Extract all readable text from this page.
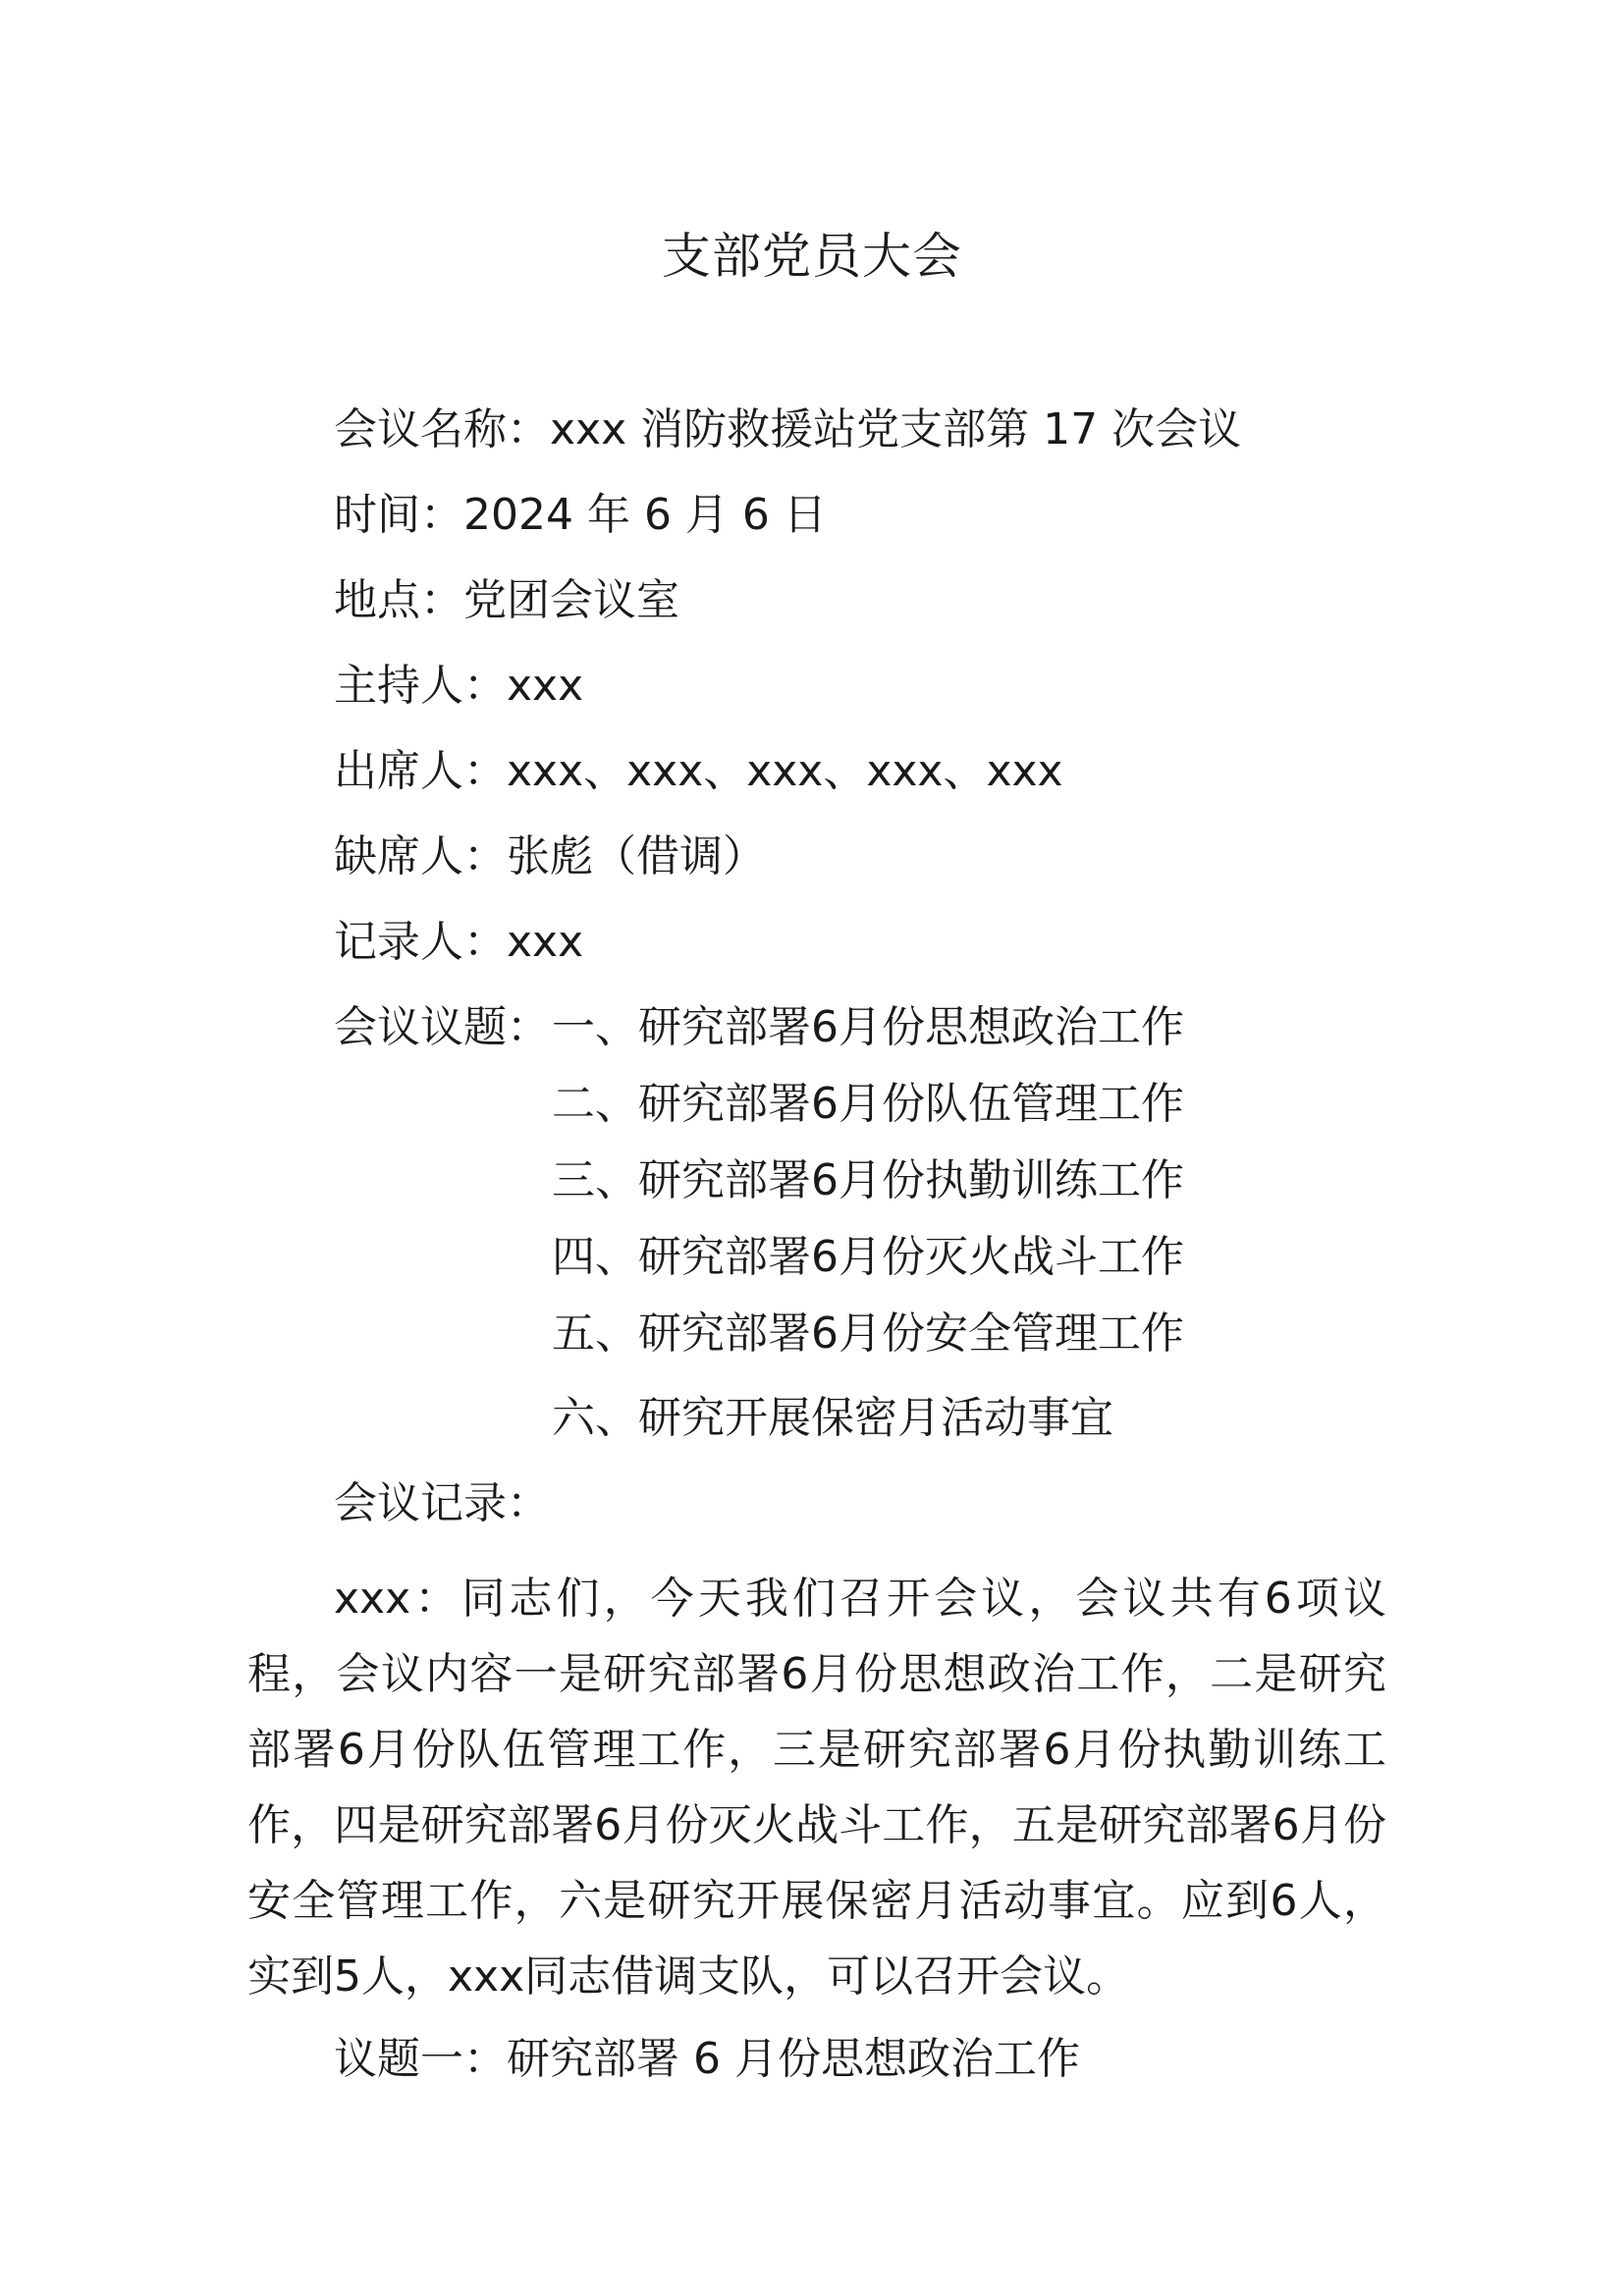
支部党员大会
会议名称：xxx 消防救援站党支部第 17 次会议
时间：2024 年 6 月 6 日
地点：党团会议室
主持人：xxx
出席人：xxx、xxx、xxx、xxx、xxx
缺席人：张彪（借调）
记录人：xxx
会议议题： 一、研究部署6月份思想政治工作
二、研究部署6月份队伍管理工作
三、研究部署6月份执勤训练工作
四、研究部署6月份灭火战斗工作
五、研究部署6月份安全管理工作
六、研究开展保密月活动事宜
会议记录：

xxx：同志们，今天我们召开会议，会议共有6项议程，会议内容一是研究部署6月份思想政治工作，二是研究部署6月份队伍管理工作，三是研究部署6月份执勤训练工作，四是研究部署6月份灭火战斗工作，五是研究部署6月份安全管理工作，六是研究开展保密月活动事宜。应到6人，实到5人，xxx同志借调支队，可以召开会议。

议题一：研究部署 6 月份思想政治工作
